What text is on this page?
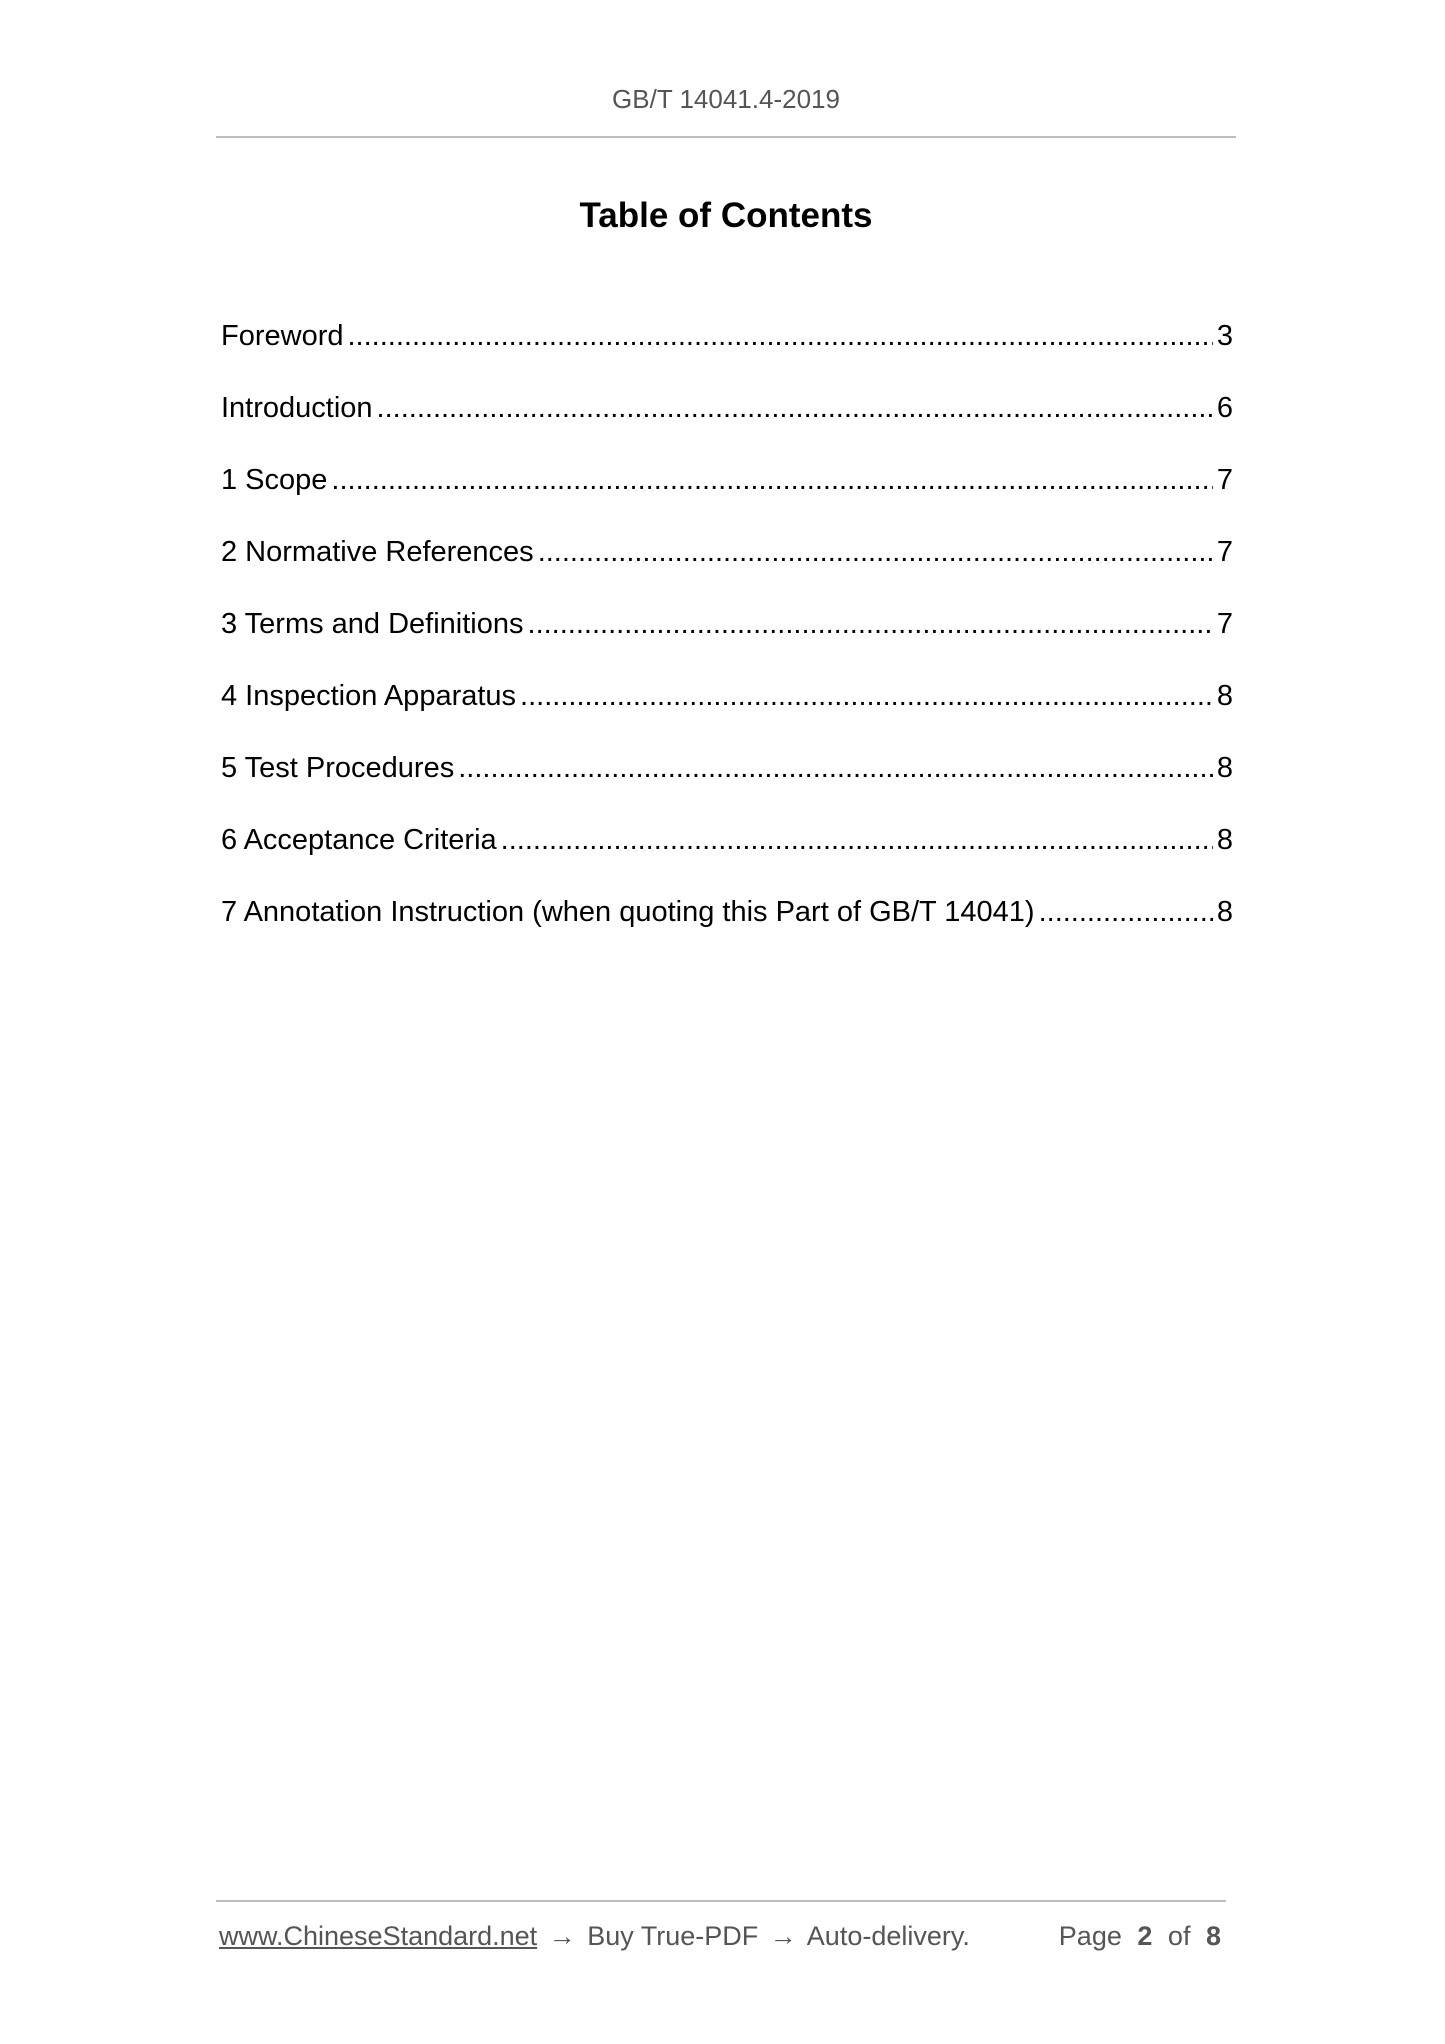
GB/T 14041.4-2019
Table of Contents
Foreword .....	3
Introduction .....	6
1 Scope .....	7
2 Normative References .....	7
3 Terms and Definitions .....	7
4 Inspection Apparatus .....	8
5 Test Procedures .....	8
6 Acceptance Criteria .....	8
7 Annotation Instruction (when quoting this Part of GB/T 14041) .....	8
www.ChineseStandard.net → Buy True-PDF → Auto-delivery.	Page 2 of 8
